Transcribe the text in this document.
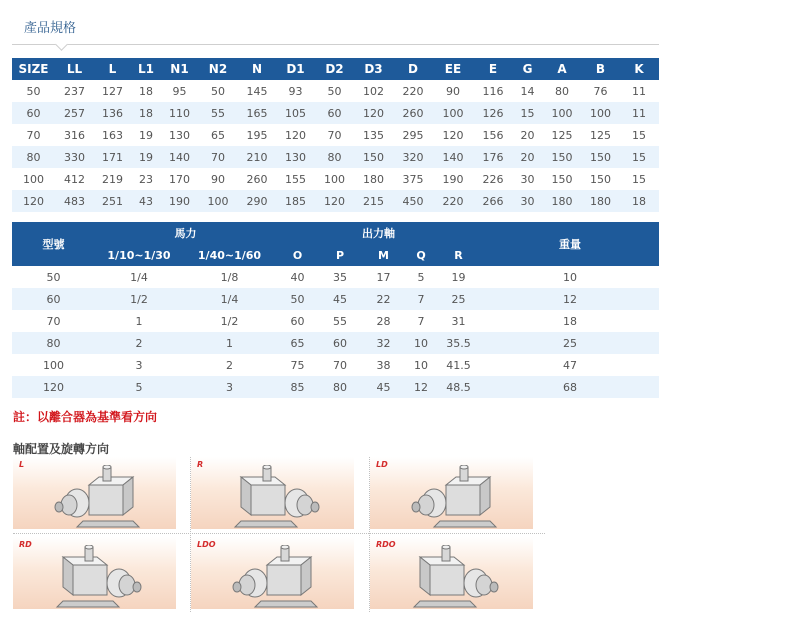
產品規格
SIZE	LL	L	L1	N1	N2	N	D1	D2	D3	D	EE	E	G	A	B	K
50	237	127	18	95	50	145	93	50	102	220	90	116	14	80	76	11
60	257	136	18	110	55	165	105	60	120	260	100	126	15	100	100	11
70	316	163	19	130	65	195	120	70	135	295	120	156	20	125	125	15
80	330	171	19	140	70	210	130	80	150	320	140	176	20	150	150	15
100	412	219	23	170	90	260	155	100	180	375	190	226	30	150	150	15
120	483	251	43	190	100	290	185	120	215	450	220	266	30	180	180	18
型號	馬力		出力軸					重量
	1/10~1/30	1/40~1/60	O	P	M	Q	R	
50	1/4	1/8	40	35	17	5	19	10
60	1/2	1/4	50	45	22	7	25	12
70	1	1/2	60	55	28	7	31	18
80	2	1	65	60	32	10	35.5	25
100	3	2	75	70	38	10	41.5	47
120	5	3	85	80	45	12	48.5	68
註：以離合器為基準看方向
軸配置及旋轉方向
L	R	LD
RD	LDO	RDO
